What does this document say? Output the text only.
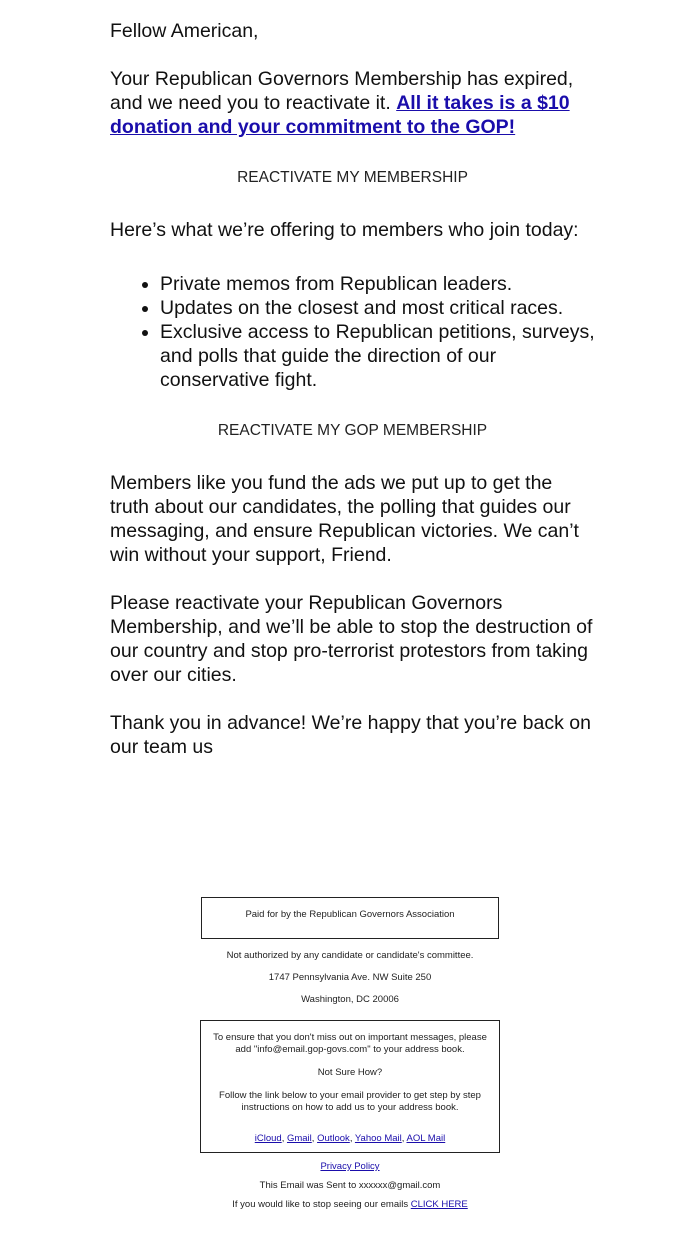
Fellow American,

Your Republican Governors Membership has expired, and we need you to reactivate it. All it takes is a $10 donation and your commitment to the GOP!

REACTIVATE MY MEMBERSHIP

Here’s what we’re offering to members who join today:

• Private memos from Republican leaders.
• Updates on the closest and most critical races.
• Exclusive access to Republican petitions, surveys, and polls that guide the direction of our conservative fight.
REACTIVATE MY GOP MEMBERSHIP

Members like you fund the ads we put up to get the truth about our candidates, the polling that guides our messaging, and ensure Republican victories. We can’t win without your support, Friend.

Please reactivate your Republican Governors Membership, and we’ll be able to stop the destruction of our country and stop pro-terrorist protestors from taking over our cities.

Thank you in advance! We’re happy that you’re back on our team us

Paid for by the Republican Governors Association

Not authorized by any candidate or candidate's committee.

1747 Pennsylvania Ave. NW Suite 250

Washington, DC 20006

To ensure that you don't miss out on important messages, please add "info@email.gop-govs.com" to your address book.

Not Sure How?

Follow the link below to your email provider to get step by step instructions on how to add us to your address book.

iCloud, Gmail, Outlook, Yahoo Mail, AOL Mail

Privacy Policy

This Email was Sent to xxxxxx@gmail.com

If you would like to stop seeing our emails CLICK HERE
